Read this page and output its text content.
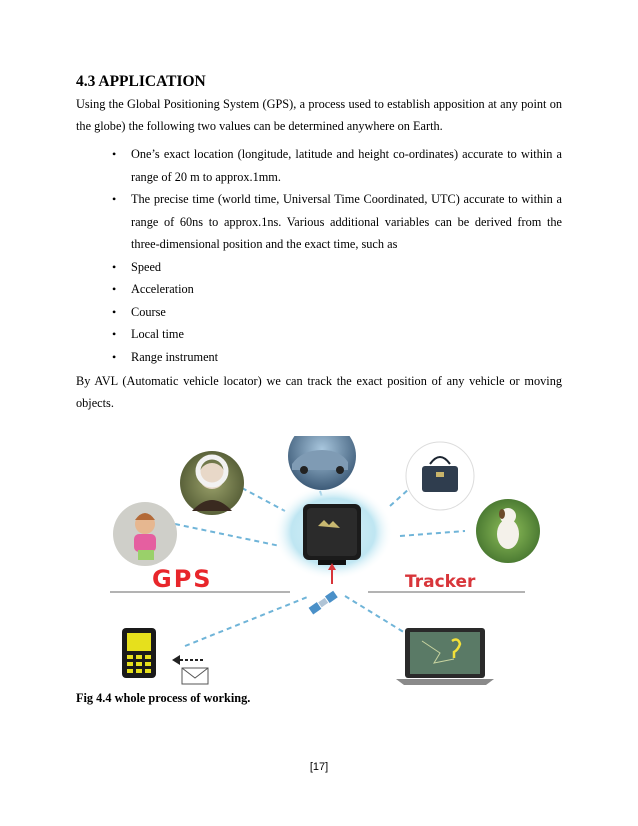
4.3 APPLICATION

Using the Global Positioning System (GPS), a process used to establish apposition at any point on the globe) the following two values can be determined anywhere on Earth.

• One’s exact location (longitude, latitude and height co-ordinates) accurate to within a range of 20 m to approx.1mm.
• The precise time (world time, Universal Time Coordinated, UTC) accurate to within a range of 60ns to approx.1ns. Various additional variables can be derived from the three-dimensional position and the exact time, such as
• Speed
• Acceleration
• Course
• Local time
• Range instrument

By AVL (Automatic vehicle locator) we can track the exact position of any vehicle or moving objects.

GPS	Tracker
Fig 4.4 whole process of working.
[17]
